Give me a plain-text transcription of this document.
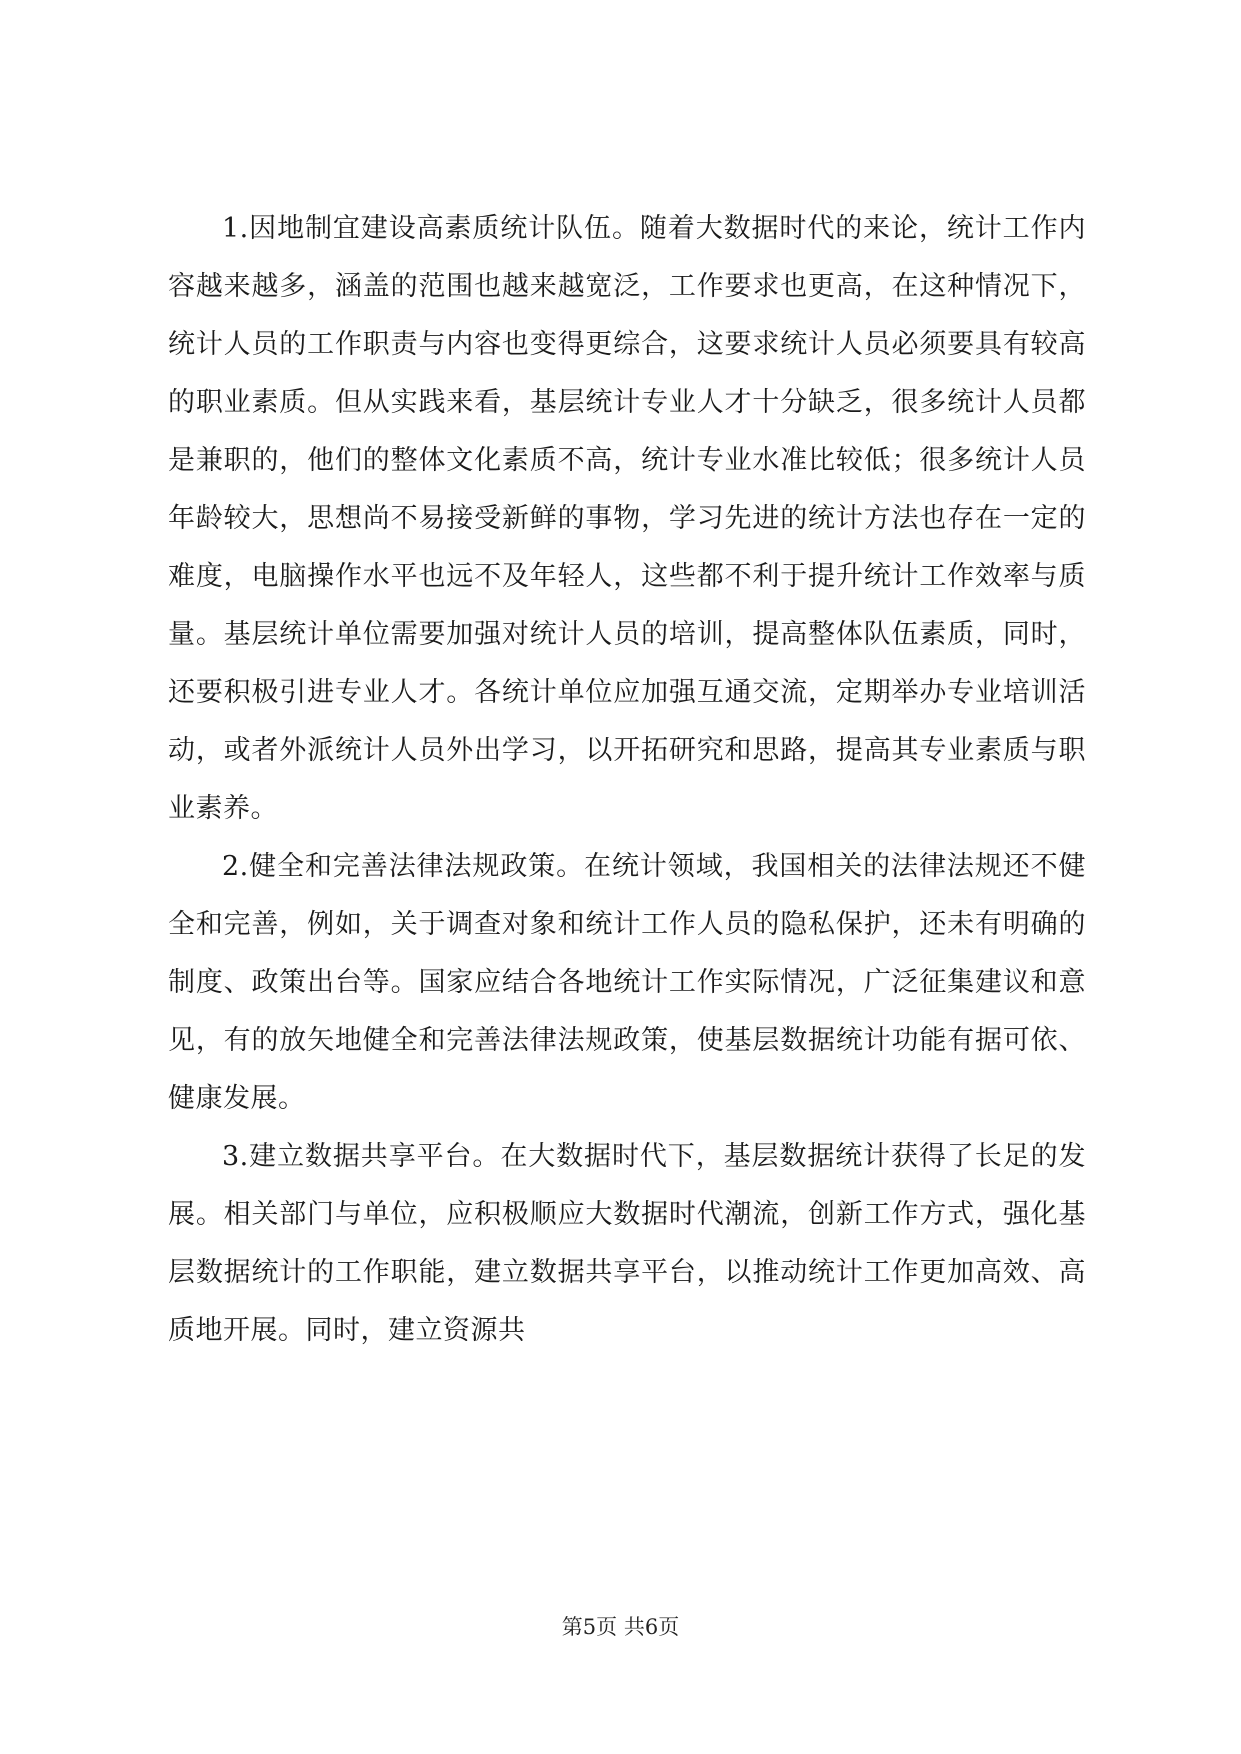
1.因地制宜建设高素质统计队伍。随着大数据时代的来论，统计工作内容越来越多，涵盖的范围也越来越宽泛，工作要求也更高，在这种情况下，统计人员的工作职责与内容也变得更综合，这要求统计人员必须要具有较高的职业素质。但从实践来看，基层统计专业人才十分缺乏，很多统计人员都是兼职的，他们的整体文化素质不高，统计专业水准比较低；很多统计人员年龄较大，思想尚不易接受新鲜的事物，学习先进的统计方法也存在一定的难度，电脑操作水平也远不及年轻人，这些都不利于提升统计工作效率与质量。基层统计单位需要加强对统计人员的培训，提高整体队伍素质，同时，还要积极引进专业人才。各统计单位应加强互通交流，定期举办专业培训活动，或者外派统计人员外出学习，以开拓研究和思路，提高其专业素质与职业素养。

2.健全和完善法律法规政策。在统计领域，我国相关的法律法规还不健全和完善，例如，关于调查对象和统计工作人员的隐私保护，还未有明确的制度、政策出台等。国家应结合各地统计工作实际情况，广泛征集建议和意见，有的放矢地健全和完善法律法规政策，使基层数据统计功能有据可依、健康发展。

3.建立数据共享平台。在大数据时代下，基层数据统计获得了长足的发展。相关部门与单位，应积极顺应大数据时代潮流，创新工作方式，强化基层数据统计的工作职能，建立数据共享平台，以推动统计工作更加高效、高质地开展。同时，建立资源共

第5页 共6页
